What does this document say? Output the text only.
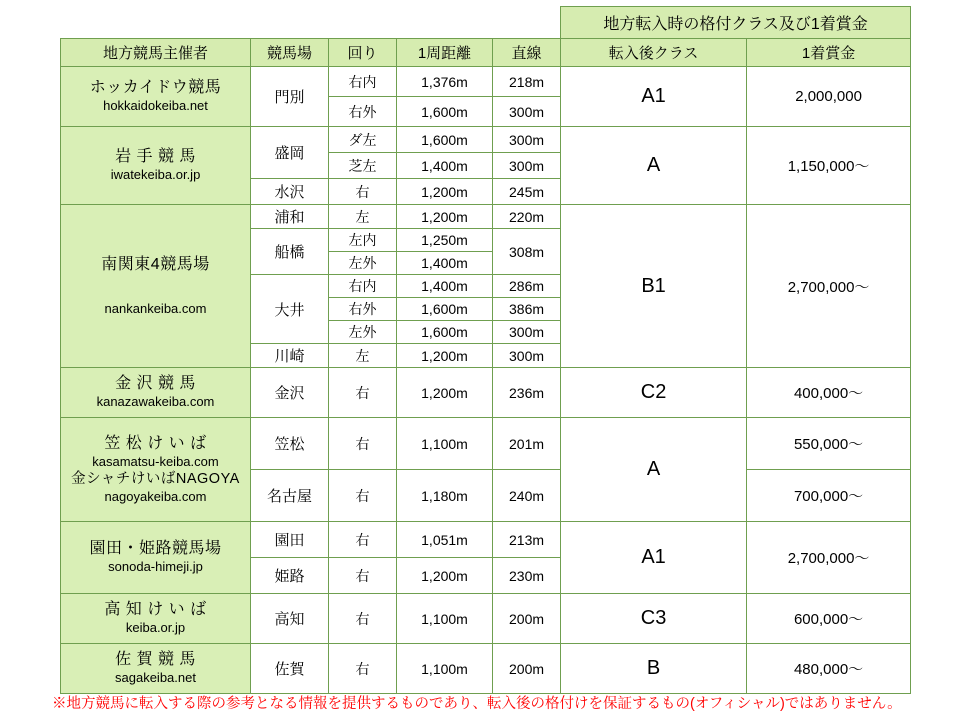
					地方転入時の格付クラス及び1着賞金	
地方競馬主催者	競馬場	回り	1周距離	直線	転入後クラス	1着賞金

ホッカイドウ競馬
hokkaidokeiba.net	門別	右内	1,376m	218m	A1	2,000,000
		右外	1,600m	300m		

岩 手 競 馬
iwatekeiba.or.jp	盛岡	ダ左	1,600m	300m	A	1,150,000〜
		芝左	1,400m	300m		
	水沢	右	1,200m	245m		

南関東4競馬場
nankankeiba.com	浦和	左	1,200m	220m	B1	2,700,000〜
	船橋	左内	1,250m	308m		
		左外	1,400m			
	大井	右内	1,400m	286m		
		右外	1,600m	386m		
		左外	1,600m	300m		
	川崎	左	1,200m	300m		

金 沢 競 馬
kanazawakeiba.com	金沢	右	1,200m	236m	C2	400,000〜

笠 松 け い ば
kasamatsu-keiba.com
金シャチけいばNAGOYA
nagoyakeiba.com	笠松	右	1,100m	201m	A	550,000〜
	名古屋	右	1,180m	240m		700,000〜

園田・姫路競馬場
sonoda-himeji.jp	園田	右	1,051m	213m	A1	2,700,000〜
	姫路	右	1,200m	230m		

高 知 け い ば
keiba.or.jp	高知	右	1,100m	200m	C3	600,000〜

佐 賀 競 馬
sagakeiba.net	佐賀	右	1,100m	200m	B	480,000〜
※地方競馬に転入する際の参考となる情報を提供するものであり、転入後の格付けを保証するもの(オフィシャル)ではありません。
